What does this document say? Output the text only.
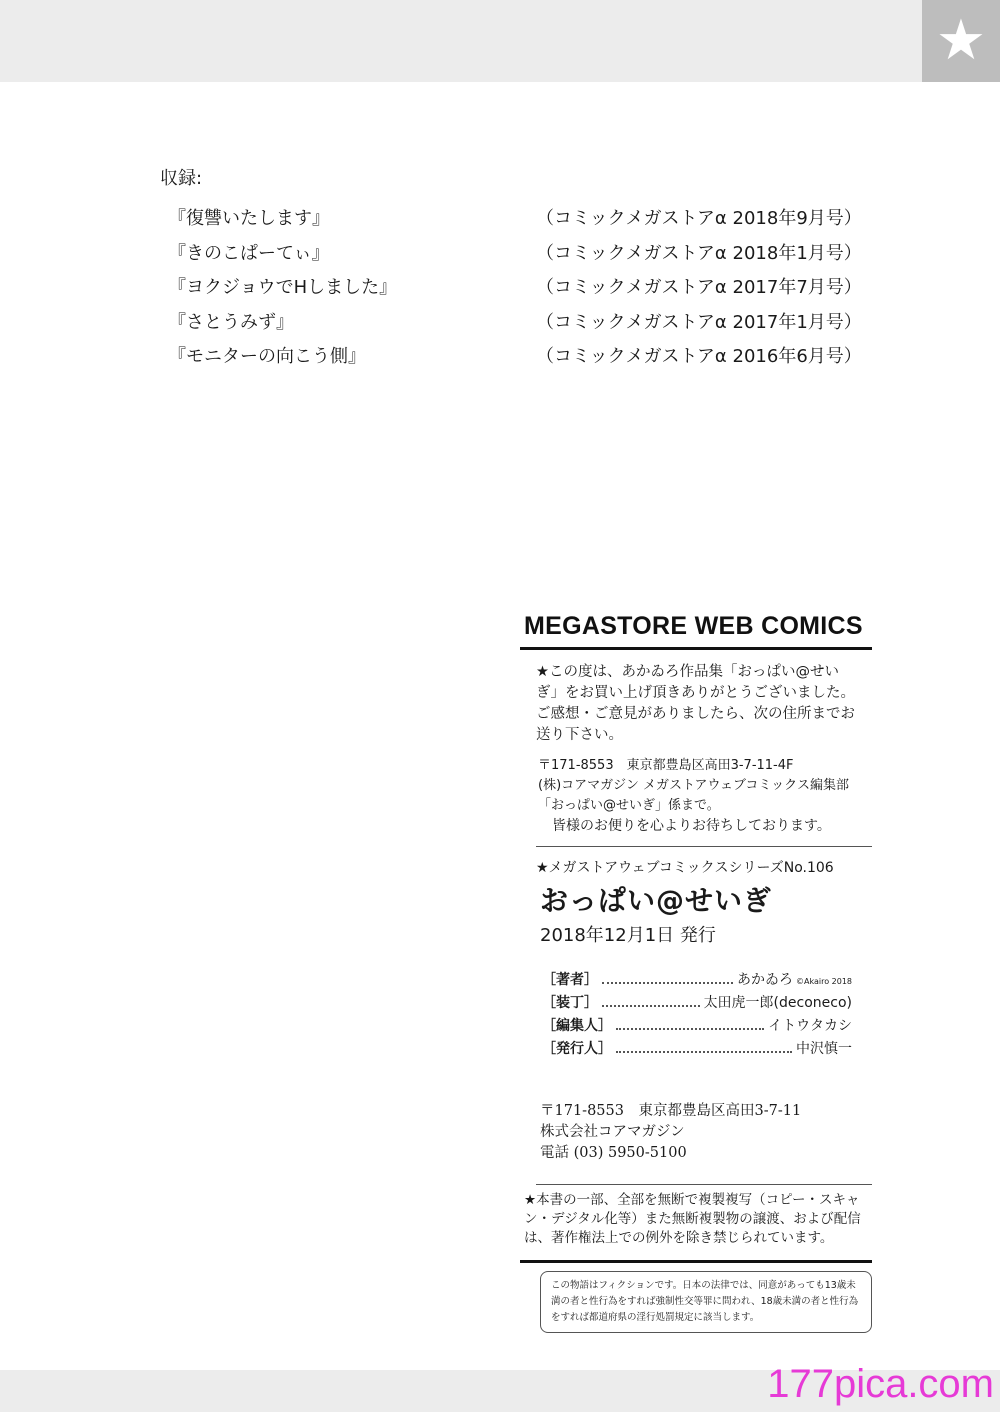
★
収録:
『復讐いたします』	（コミックメガストアα 2018年9月号）
『きのこぱーてぃ』	（コミックメガストアα 2018年1月号）
『ヨクジョウでHしました』	（コミックメガストアα 2017年7月号）
『さとうみず』	（コミックメガストアα 2017年1月号）
『モニターの向こう側』	（コミックメガストアα 2016年6月号）
MEGASTORE WEB COMICS
★この度は、あかゐろ作品集「おっぱい@せいぎ」をお買い上げ頂きありがとうございました。ご感想・ご意見がありましたら、次の住所までお送り下さい。
〒171-8553　東京都豊島区高田3-7-11-4F
(株)コアマガジン メガストアウェブコミックス編集部
「おっぱい@せいぎ」係まで。
皆様のお便りを心よりお待ちしております。
★メガストアウェブコミックスシリーズNo.106
おっぱい@せいぎ
2018年12月1日 発行
［著者］	あかゐろ ©Akairo 2018
［装丁］	太田虎一郎(deconeco)
［編集人］	イトウタカシ
［発行人］	中沢慎一
〒171-8553　東京都豊島区高田3-7-11
株式会社コアマガジン
電話 (03) 5950-5100
★本書の一部、全部を無断で複製複写（コピー・スキャン・デジタル化等）また無断複製物の譲渡、および配信は、著作権法上での例外を除き禁じられています。
この物語はフィクションです。日本の法律では、同意があっても13歳未満の者と性行為をすれば強制性交等罪に問われ、18歳未満の者と性行為をすれば都道府県の淫行処罰規定に該当します。
177pica.com
